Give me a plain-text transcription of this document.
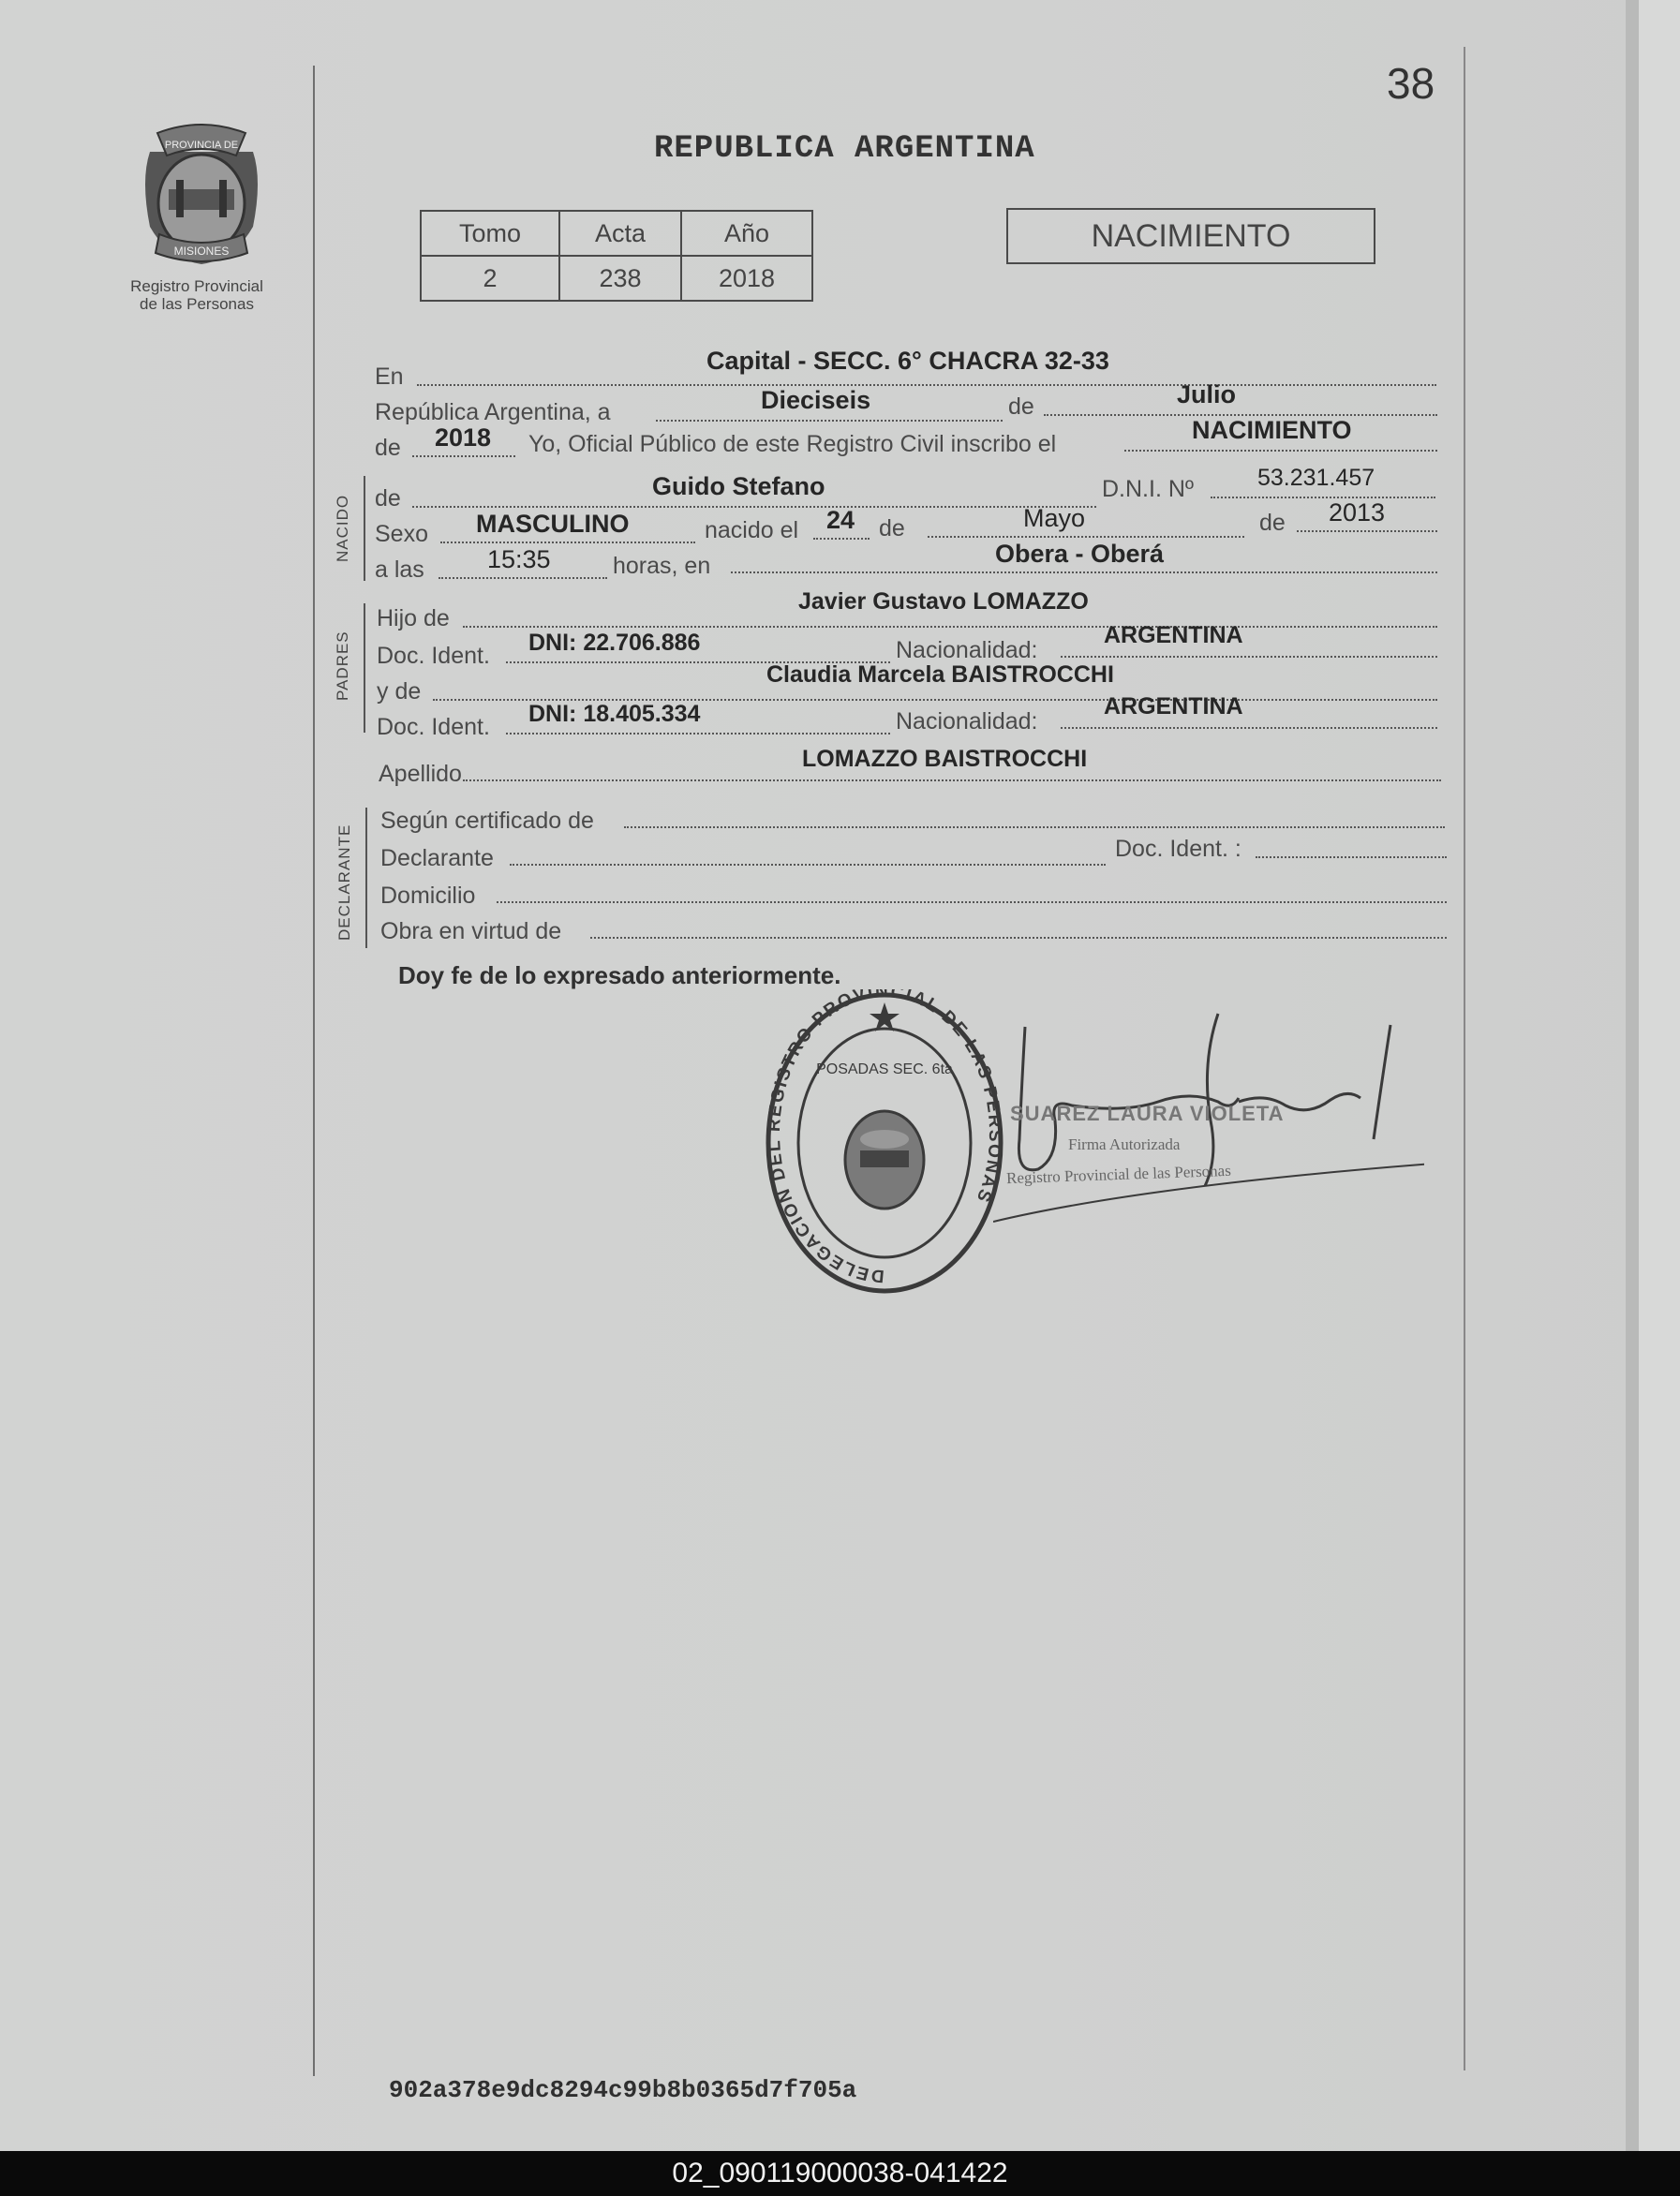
38
PROVINCIA DE
MISIONES
Registro Provincial
de las Personas
REPUBLICA ARGENTINA
Tomo	Acta	Año
2	238	2018
NACIMIENTO
En
Capital - SECC. 6° CHACRA 32-33
República Argentina, a	Dieciseis	de	Julio
de 2018 Yo, Oficial Público de este Registro Civil inscribo el	NACIMIENTO
NACIDO de	Guido Stefano	D.N.I. Nº	53.231.457
Sexo MASCULINO	nacido el 24 de	Mayo	de 2013
a las 15:35	horas, en	Obera - Oberá
PADRES
Hijo de
Javier Gustavo LOMAZZO
Doc. Ident. DNI: 22.706.886	Nacionalidad:
ARGENTINA
y de
Claudia Marcela BAISTROCCHI
Doc. Ident. DNI: 18.405.334	Nacionalidad:
ARGENTINA
Apellido
LOMAZZO BAISTROCCHI
DECLARANTE
Según certificado de
Declarante	Doc. Ident. :
Domicilio
Obra en virtud de
Doy fe de lo expresado anteriormente.
DELEGACIÓN DEL REGISTRO PROVINCIAL DE LAS PERSONAS
POSADAS SEC. 6ta
SUAREZ LAURA VIOLETA
Firma Autorizada
Registro Provincial de las Personas
902a378e9dc8294c99b8b0365d7f705a
02_090119000038-041422
